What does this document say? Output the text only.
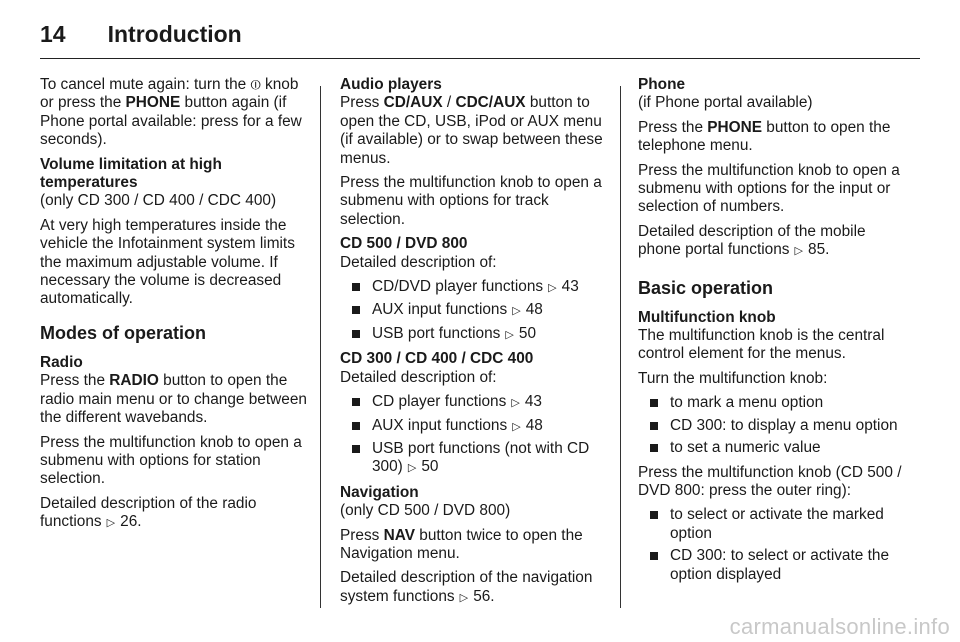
14 Introduction

To cancel mute again: turn the ⏼ knob or press the PHONE button again (if Phone portal available: press for a few seconds).

Volume limitation at high
temperatures

(only CD 300 / CD 400 / CDC 400)

At very high temperatures inside the vehicle the Infotainment system limits the maximum adjustable volume. If necessary the volume is decreased automatically.

Modes of operation

Radio

Press the RADIO button to open the radio main menu or to change between the different wavebands.

Press the multifunction knob to open a submenu with options for station selection.

Detailed description of the radio functions ▷ 26.

Audio players

Press CD/AUX / CDC/AUX button to open the CD, USB, iPod or AUX menu (if available) or to swap between these menus.

Press the multifunction knob to open a submenu with options for track selection.

CD 500 / DVD 800

Detailed description of:

CD/DVD player functions ▷ 43
AUX input functions ▷ 48
USB port functions ▷ 50

CD 300 / CD 400 / CDC 400

Detailed description of:

CD player functions ▷ 43
AUX input functions ▷ 48
USB port functions (not with CD 300) ▷ 50

Navigation

(only CD 500 / DVD 800)

Press NAV button twice to open the Navigation menu.

Detailed description of the navigation system functions ▷ 56.

Phone

(if Phone portal available)

Press the PHONE button to open the telephone menu.

Press the multifunction knob to open a submenu with options for the input or selection of numbers.

Detailed description of the mobile phone portal functions ▷ 85.

Basic operation

Multifunction knob

The multifunction knob is the central control element for the menus.

Turn the multifunction knob:

to mark a menu option
CD 300: to display a menu option
to set a numeric value

Press the multifunction knob (CD 500 / DVD 800: press the outer ring):

to select or activate the marked option
CD 300: to select or activate the option displayed
carmanualsonline.info
